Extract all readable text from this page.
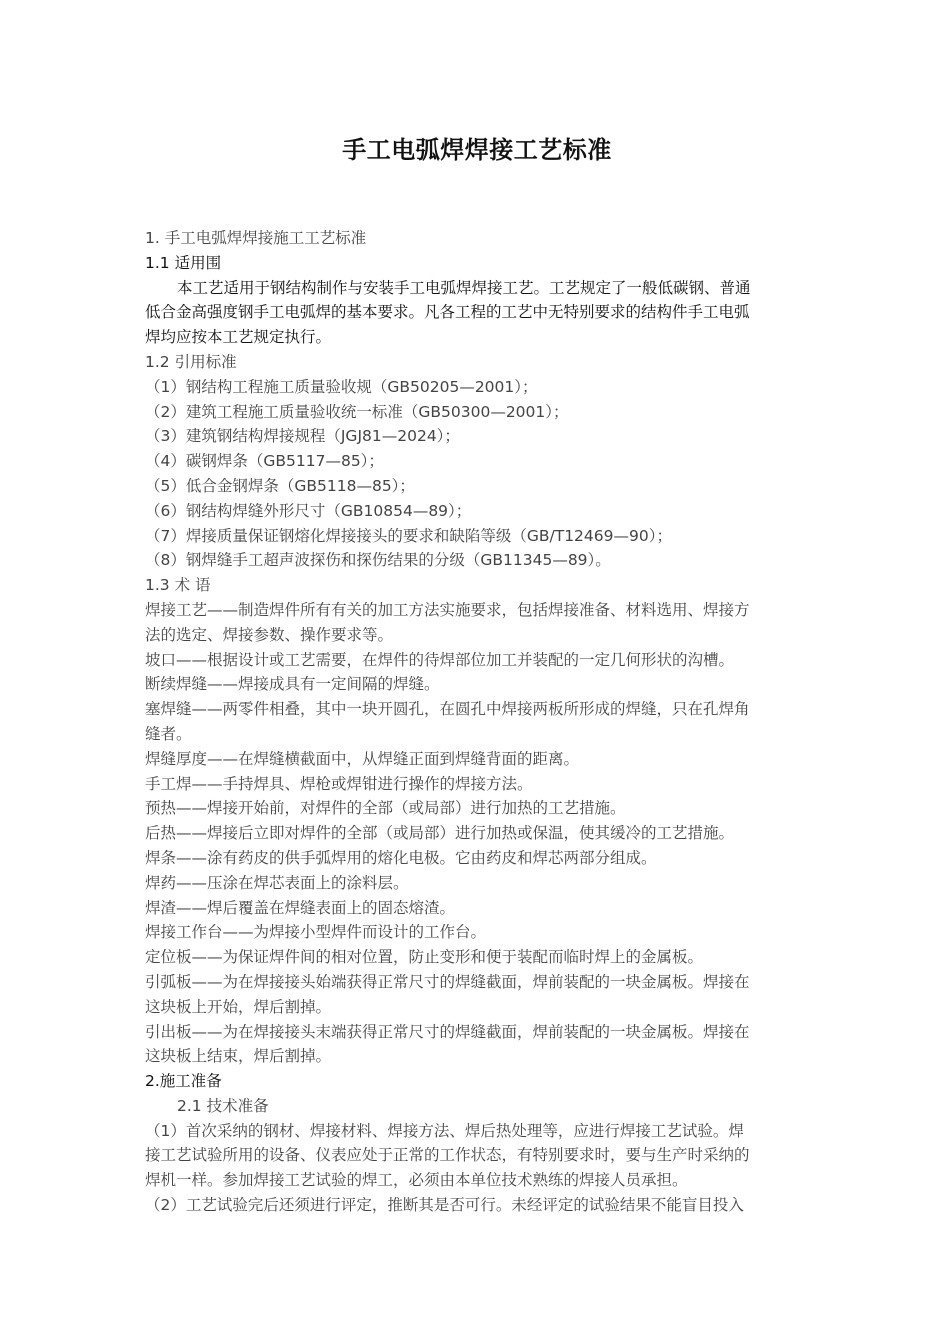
手工电弧焊焊接工艺标准
1. 手工电弧焊焊接施工工艺标准
1.1 适用围
本工艺适用于钢结构制作与安装手工电弧焊焊接工艺。工艺规定了一般低碳钢、普通
低合金高强度钢手工电弧焊的基本要求。凡各工程的工艺中无特别要求的结构件手工电弧
焊均应按本工艺规定执行。
1.2 引用标准
（1）钢结构工程施工质量验收规（GB50205—2001）；
（2）建筑工程施工质量验收统一标准（GB50300—2001）；
（3）建筑钢结构焊接规程（JGJ81—2024）；
（4）碳钢焊条（GB5117—85）；
（5）低合金钢焊条（GB5118—85）；
（6）钢结构焊缝外形尺寸（GB10854—89）；
（7）焊接质量保证钢熔化焊接接头的要求和缺陷等级（GB/T12469—90）；
（8）钢焊缝手工超声波探伤和探伤结果的分级（GB11345—89）。
1.3 术 语
焊接工艺——制造焊件所有有关的加工方法实施要求，包括焊接准备、材料选用、焊接方
法的选定、焊接参数、操作要求等。
坡口——根据设计或工艺需要，在焊件的待焊部位加工并装配的一定几何形状的沟槽。
断续焊缝——焊接成具有一定间隔的焊缝。
塞焊缝——两零件相叠，其中一块开圆孔，在圆孔中焊接两板所形成的焊缝，只在孔焊角
缝者。
焊缝厚度——在焊缝横截面中，从焊缝正面到焊缝背面的距离。
手工焊——手持焊具、焊枪或焊钳进行操作的焊接方法。
预热——焊接开始前，对焊件的全部（或局部）进行加热的工艺措施。
后热——焊接后立即对焊件的全部（或局部）进行加热或保温，使其缓冷的工艺措施。
焊条——涂有药皮的供手弧焊用的熔化电极。它由药皮和焊芯两部分组成。
焊药——压涂在焊芯表面上的涂料层。
焊渣——焊后覆盖在焊缝表面上的固态熔渣。
焊接工作台——为焊接小型焊件而设计的工作台。
定位板——为保证焊件间的相对位置，防止变形和便于装配而临时焊上的金属板。
引弧板——为在焊接接头始端获得正常尺寸的焊缝截面，焊前装配的一块金属板。焊接在
这块板上开始，焊后割掉。
引出板——为在焊接接头末端获得正常尺寸的焊缝截面，焊前装配的一块金属板。焊接在
这块板上结束，焊后割掉。
2.施工准备
2.1 技术准备
（1）首次采纳的钢材、焊接材料、焊接方法、焊后热处理等，应进行焊接工艺试验。焊
接工艺试验所用的设备、仪表应处于正常的工作状态，有特别要求时，要与生产时采纳的
焊机一样。参加焊接工艺试验的焊工，必须由本单位技术熟练的焊接人员承担。
（2）工艺试验完后还须进行评定，推断其是否可行。未经评定的试验结果不能盲目投入
